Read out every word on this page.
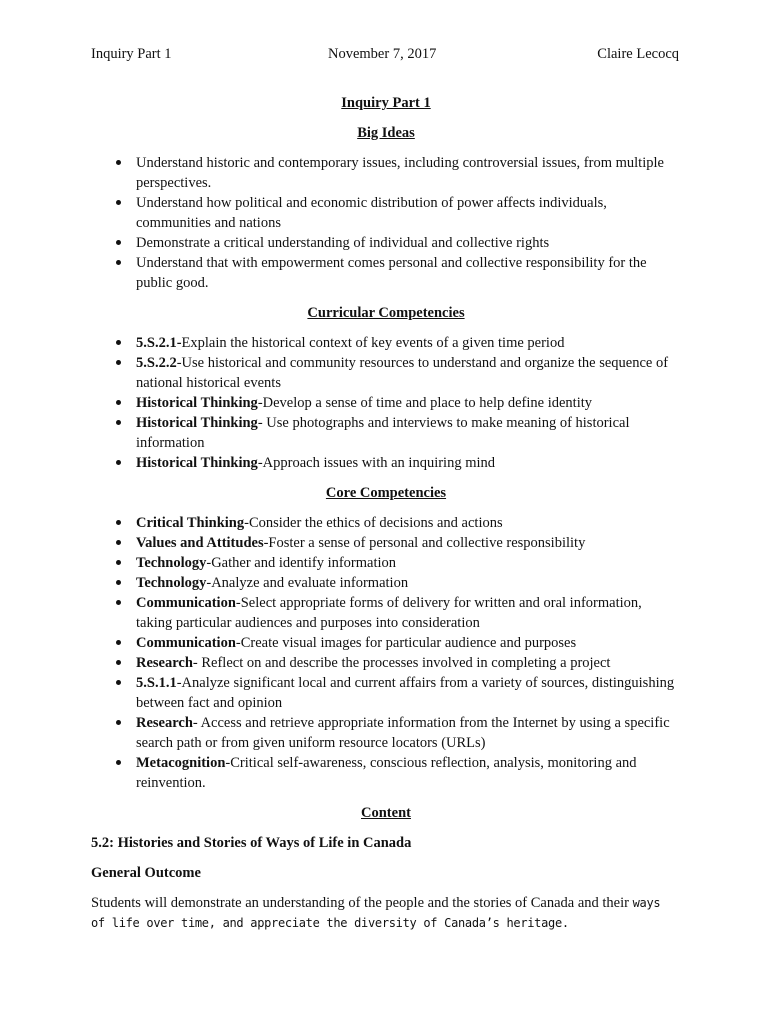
Inquiry Part 1	November 7, 2017	Claire Lecocq
Inquiry Part 1
Big Ideas
Understand historic and contemporary issues, including controversial issues, from multiple perspectives.
Understand how political and economic distribution of power affects individuals, communities and nations
Demonstrate a critical understanding of individual and collective rights
Understand that with empowerment comes personal and collective responsibility for the public good.
Curricular Competencies
5.S.2.1-Explain the historical context of key events of a given time period
5.S.2.2-Use historical and community resources to understand and organize the sequence of national historical events
Historical Thinking-Develop a sense of time and place to help define identity
Historical Thinking- Use photographs and interviews to make meaning of historical information
Historical Thinking-Approach issues with an inquiring mind
Core Competencies
Critical Thinking-Consider the ethics of decisions and actions
Values and Attitudes-Foster a sense of personal and collective responsibility
Technology-Gather and identify information
Technology-Analyze and evaluate information
Communication-Select appropriate forms of delivery for written and oral information, taking particular audiences and purposes into consideration
Communication-Create visual images for particular audience and purposes
Research- Reflect on and describe the processes involved in completing a project
5.S.1.1-Analyze significant local and current affairs from a variety of sources, distinguishing between fact and opinion
Research- Access and retrieve appropriate information from the Internet by using a specific search path or from given uniform resource locators (URLs)
Metacognition-Critical self-awareness, conscious reflection, analysis, monitoring and reinvention.
Content
5.2: Histories and Stories of Ways of Life in Canada
General Outcome

Students will demonstrate an understanding of the people and the stories of Canada and their ways of life over time, and appreciate the diversity of Canada’s heritage.
